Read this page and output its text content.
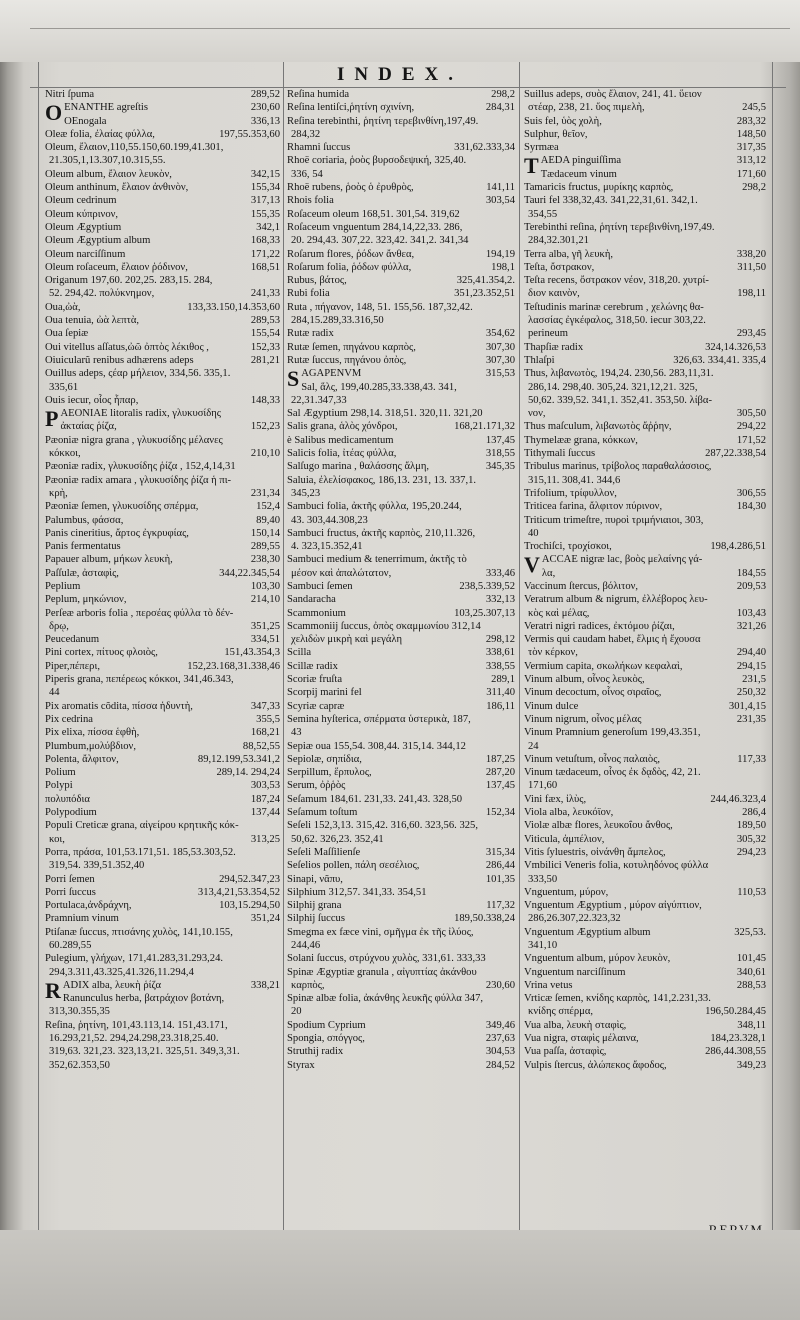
INDEX.
Nitri ſpuma	289,52
OENANTHE agreſtis	230,60
OEnogala	336,13
Oleæ folia, ἐλαίας φύλλα,	197,55.353,60
Oleum, ἔλαιον,110,55.150,60.199,41.301,
21.305,1,13.307,10.315,55.
Oleum album, ἔλαιον λευκὸν,	342,15
Oleum anthinum, ἔλαιον ἀνθινὸν,	155,34
Oleum cedrinum	317,13
Oleum κύπρινον,	155,35
Oleum Ægyptium	342,1
Oleum Ægyptium album	168,33
Oleum narciſſinum	171,22
Oleum roſaceum, ἔλαιον ῥόδινον,	168,51
Origanum 197,60. 202,25. 283,15. 284,
52. 294,42. πολύκνημον,	241,33
Oua,ὠὰ,	133,33.150,14.353,60
Oua tenuia, ὠὰ λεπτὰ,	289,53
Oua ſepiæ	155,54
Oui vitellus aſſatus,ὠῶ ὀπτὸς λέκιθος ,	152,33
Oiuicularũ renibus adhærens adeps	281,21
Ouillus adeps, ςέαρ μήλειον, 334,56. 335,1.
335,61
Ouis iecur, οἶος ἧπαρ,	148,33
PAEONIAE litoralis radix, γλυκυσίδης
ἀκταίας ῥίζα,	152,23
Pæoniæ nigra grana , γλυκυσίδης μέλανες
κόκκοι,	210,10
Pæoniæ radix, γλυκυσίδης ῥίζα , 152,4,14,31
Pæoniæ radix amara , γλυκυσίδης ῥίζα ἡ πι-
κρὴ,	231,34
Pæoniæ ſemen, γλυκυσίδης σπέρμα,	152,4
Palumbus, φάσσα,	89,40
Panis cineritius, ἄρτος ἐγκρυφίας,	150,14
Panis fermentatus	289,55
Papauer album, μήκων λευκὴ,	238,30
Paſſulæ, ἀσταφὶς,	344,22.345,54
Peplium	103,30
Peplum, μηκώνιον,	214,10
Perſeæ arboris folia , περσέας φύλλα τὸ δέν-
δρῳ,	351,25
Peucedanum	334,51
Pini cortex, πίτυος φλοιὸς,	151,43.354,3
Piper,πέπερι,	152,23.168,31.338,46
Piperis grana, πεπέρεως κόκκοι, 341,46.343,
44
Pix aromatis cõdita, πίσσα ἡδυντὴ,	347,33
Pix cedrina	355,5
Pix elixa, πίσσα ἑφθὴ,	168,21
Plumbum,μολύβδιον,	88,52,55
Polenta, ἄλφιτον,	89,12.199,53.341,2
Polium	289,14. 294,24
Polypi	303,53
πολυπόδια	187,24
Polypodium	137,44
Populi Creticæ grana, αἰγείρου κρητικῆς κόκ-
κοι,	313,25
Porra, πράσα, 101,53.171,51. 185,53.303,52.
319,54. 339,51.352,40
Porri ſemen	294,52.347,23
Porri ſuccus	313,4,21,53.354,52
Portulaca,ἀνδράχνη,	103,15.294,50
Pramnium vinum	351,24
Ptiſanæ ſuccus, πτισάνης χυλὸς, 141,10.155,
60.289,55
Pulegium, γλήχων, 171,41.283,31.293,24.
294,3.311,43.325,41.326,11.294,4
RADIX alba, λευκὴ ῥίζα	338,21
Ranunculus herba, βατράχιον βοτάνη,
313,30.355,35
Reſina, ῥητίνη, 101,43.113,14. 151,43.171,
16.293,21,52. 294,24.298,23.318,25.40.
319,63. 321,23. 323,13,21. 325,51. 349,3,31.
352,62.353,50
Reſina humida	298,2
Reſina lentiſci,ῥητίνη σχινίνη,	284,31
Reſina terebinthi, ῥητίνη τερεβινθίνη,197,49.
284,32
Rhamni ſuccus	331,62.333,34
Rhoë coriaria, ῥοὸς βυρσοδεψική, 325,40.
336, 54
Rhoë rubens, ῥοὸς ὁ ἐρυθρὸς,	141,11
Rhois folia	303,54
Roſaceum oleum 168,51. 301,54. 319,62
Roſaceum vnguentum 284,14,22,33. 286,
20. 294,43. 307,22. 323,42. 341,2. 341,34
Roſarum flores, ῥόδων ἄνθεα,	194,19
Roſarum folia, ῥόδων φύλλα,	198,1
Rubus, βάτος,	325,41.354,2.
Rubi folia	351,23.352,51
Ruta , πήγανον, 148, 51. 155,56. 187,32,42.
284,15.289,33.316,50
Rutæ radix	354,62
Rutæ ſemen, πηγάνου καρπὸς,	307,30
Rutæ ſuccus, πηγάνου ὀπὸς,	307,30
SAGAPENVM	315,53
Sal, ἅλς, 199,40.285,33.338,43. 341,
22,31.347,33
Sal Ægyptium 298,14. 318,51. 320,11. 321,20
Salis grana, ἁλὸς χόνδροι,	168,21.171,32
è Salibus medicamentum	137,45
Salicis folia, ἰτέας φύλλα,	318,55
Salſugo marina , θαλάσσης ἅλμη,	345,35
Saluia, ἐλελίσφακος, 186,13. 231, 13. 337,1.
345,23
Sambuci folia, ἀκτῆς φύλλα, 195,20.244,
43. 303,44.308,23
Sambuci fructus, ἀκτῆς καρπὸς, 210,11.326,
4. 323,15.352,41
Sambuci medium & tenerrimum, ἀκτῆς τὸ
μέσον καὶ ἁπαλώτατον,	333,46
Sambuci ſemen	238,5.339,52
Sandaracha	332,13
Scammonium	103,25.307,13
Scammoniĳ ſuccus, ὀπὸς σκαμμωνίου 312,14
χελιδὼν μικρὴ καὶ μεγάλη	298,12
Scilla	338,61
Scillæ radix	338,55
Scoriæ fruſta	289,1
Scorpij marini fel	311,40
Scyriæ capræ	186,11
Semina hyſterica, σπέρματα ὑστερικὰ, 187,
43
Sepiæ oua 155,54. 308,44. 315,14. 344,12
Sepiolæ, σηπίδια,	187,25
Serpillum, ἕρπυλος,	287,20
Serum, ὀῤῥὸς	137,45
Seſamum 184,61. 231,33. 241,43. 328,50
Seſamum toſtum	152,34
Seſeli 152,3,13. 315,42. 316,60. 323,56. 325,
50,62. 326,23. 352,41
Seſeli Maſſilienſe	315,34
Seſelios pollen, πάλη σεσέλιος,	286,44
Sinapi, νᾶπυ,	101,35
Silphium 312,57. 341,33. 354,51
Silphij grana	117,32
Silphij ſuccus	189,50.338,24
Smegma ex fæce vini, σμῆγμα ἐκ τῆς ἰλύος,
244,46
Solani ſuccus, στρύχνου χυλὸς, 331,61. 333,33
Spinæ Ægyptiæ granula , αἰγυπτίας ἀκάνθου
καρπὸς,	230,60
Spinæ albæ folia, ἀκάνθης λευκῆς φύλλα 347,
20
Spodium Cyprium	349,46
Spongia, σπόγγος,	237,63
Struthij radix	304,53
Styrax	284,52
Suillus adeps, συὸς ἔλαιον, 241, 41. ὕειον
στέαρ, 238, 21. ὕος πιμελὴ,	245,5
Suis fel, ὑὸς χολὴ,	283,32
Sulphur, θεῖον,	148,50
Syrmæa	317,35
TAEDA pinguiſſima	313,12
Tædaceum vinum	171,60
Tamaricis fructus, μυρίκης καρπὸς,	298,2
Tauri fel 338,32,43. 341,22,31,61. 342,1.
354,55
Terebinthi reſina, ῥητίνη τερεβινθίνη,197,49.
284,32.301,21
Terra alba, γῆ λευκὴ,	338,20
Teſta, ὄστρακον,	311,50
Teſta recens, ὄστρακον νέον, 318,20. χυτρί-
διον καινὸν,	198,11
Teſtudinis marinæ cerebrum , χελώνης θα-
λασσίας ἐγκέφαλος, 318,50. iecur 303,22.
perineum	293,45
Thapſiæ radix	324,14.326,53
Thlaſpi	326,63. 334,41. 335,4
Thus, λιβανωτὸς, 194,24. 230,56. 283,11,31.
286,14. 298,40. 305,24. 321,12,21. 325,
50,62. 339,52. 341,1. 352,41. 353,50. λίβα-
νον,	305,50
Thus maſculum, λιβανωτὸς ἄῤῥην,	294,22
Thymelææ grana, κόκκων,	171,52
Tithymali ſuccus	287,22.338,54
Tribulus marinus, τρίβολος παραθαλάσσιος,
315,11. 308,41. 344,6
Trifolium, τρίφυλλον,	306,55
Triticea farina, ἄλφιτον πύρινον,	184,30
Triticum trimeſtre, πυροὶ τριμήνιαιοι, 303,
40
Trochiſci, τροχίσκοι,	198,4.286,51
VACCAE nigræ lac, βοὸς μελαίνης γά-
λα,	184,55
Vaccinum ſtercus, βόλιτον,	209,53
Veratrum album & nigrum, ἐλλέβορος λευ-
κὸς καὶ μέλας,	103,43
Veratri nigri radices, ἐκτόμου ῥίζαι,	321,26
Vermis qui caudam habet, ἕλμις ἡ ἔχουσα
τὸν κέρκον,	294,40
Vermium capita, σκωλήκων κεφαλαὶ,	294,15
Vinum album, οἶνος λευκὸς,	231,5
Vinum decoctum, οἶνος σιραῖος,	250,32
Vinum dulce	301,4,15
Vinum nigrum, οἶνος μέλας	231,35
Vinum Pramnium generoſum 199,43.351,
24
Vinum vetuſtum, οἶνος παλαιὸς,	117,33
Vinum tædaceum, οἶνος ἐκ δᾳδὸς, 42, 21.
171,60
Vini fæx, ἰλὺς,	244,46.323,4
Viola alba, λευκόϊον,	286,4
Violæ albæ flores, λευκοΐου ἄνθος,	189,50
Viticula, ἀμπέλιον,	305,32
Vitis ſyluestris, οἰνάνθη ἄμπελος,	294,23
Vmbilici Veneris folia, κοτυληδόνος φύλλα
333,50
Vnguentum, μύρον,	110,53
Vnguentum Ægyptium , μύρον αἰγύπτιον,
286,26.307,22.323,32
Vnguentum Ægyptium album	325,53.
341,10
Vnguentum album, μύρον λευκὸν,	101,45
Vnguentum narciſſinum	340,61
Vrina vetus	288,53
Vrticæ ſemen, κνίδης καρπὸς, 141,2.231,33.
κνίδης σπέρμα,	196,50.284,45
Vua alba, λευκὴ σταφὶς,	348,11
Vua nigra, σταφὶς μέλαινα,	184,23.328,1
Vua paſſa, ἀσταφὶς,	286,44.308,55
Vulpis ſtercus, ἀλώπεκος ἄφοδος,	349,23
